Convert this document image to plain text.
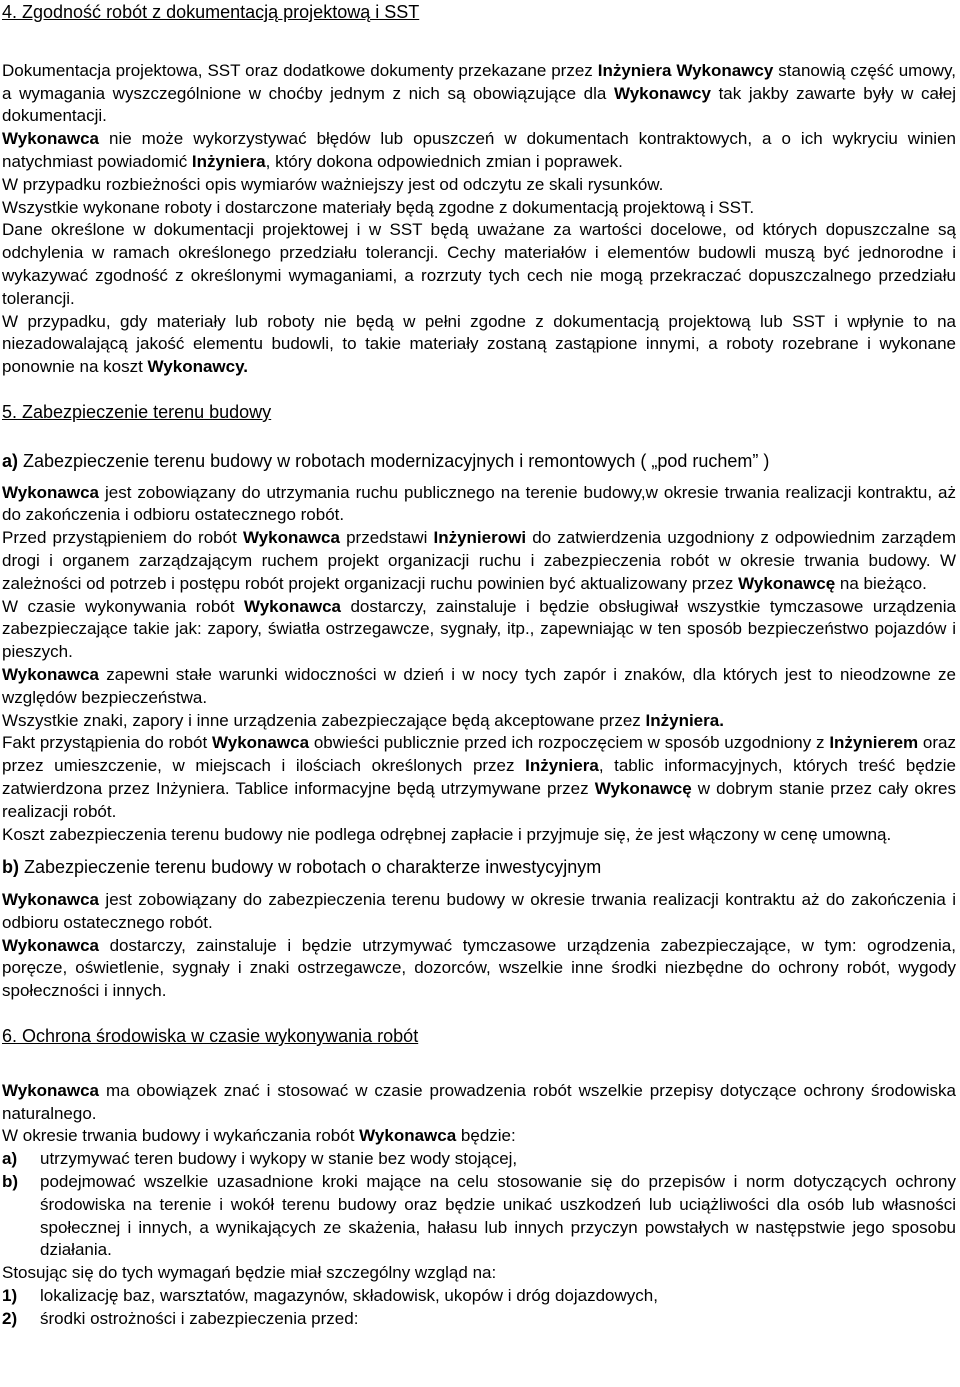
4. Zgodność robót z dokumentacją projektową i SST

Dokumentacja projektowa, SST oraz dodatkowe dokumenty przekazane przez Inżyniera Wykonawcy stanowią część umowy, a wymagania wyszczególnione w choćby jednym z nich są obowiązujące dla Wykonawcy tak jakby zawarte były w całej dokumentacji.

Wykonawca nie może wykorzystywać błędów lub opuszczeń w dokumentach kontraktowych, a o ich wykryciu winien natychmiast powiadomić Inżyniera, który dokona odpowiednich zmian i poprawek.

W przypadku rozbieżności opis wymiarów ważniejszy jest od odczytu ze skali rysunków.

Wszystkie wykonane roboty i dostarczone materiały będą zgodne z dokumentacją projektową i SST.

Dane określone w dokumentacji projektowej i w SST będą uważane za wartości docelowe, od których dopuszczalne są odchylenia w ramach określonego przedziału tolerancji. Cechy materiałów i elementów budowli muszą być jednorodne i wykazywać zgodność z określonymi wymaganiami, a rozrzuty tych cech nie mogą przekraczać dopuszczalnego przedziału tolerancji.

W przypadku, gdy materiały lub roboty nie będą w pełni zgodne z dokumentacją projektową lub SST i wpłynie to na niezadowalającą jakość elementu budowli, to takie materiały zostaną zastąpione innymi, a roboty rozebrane i wykonane ponownie na koszt Wykonawcy.

5. Zabezpieczenie terenu budowy
a) Zabezpieczenie terenu budowy w robotach modernizacyjnych i remontowych ( „pod ruchem” )

Wykonawca jest zobowiązany do utrzymania ruchu publicznego na terenie budowy,w okresie trwania realizacji kontraktu, aż do zakończenia i odbioru ostatecznego robót.

Przed przystąpieniem do robót Wykonawca przedstawi Inżynierowi do zatwierdzenia uzgodniony z odpowiednim zarządem drogi i organem zarządzającym ruchem projekt organizacji ruchu i zabezpieczenia robót w okresie trwania budowy. W zależności od potrzeb i postępu robót projekt organizacji ruchu powinien być aktualizowany przez Wykonawcę na bieżąco.

W czasie wykonywania robót Wykonawca dostarczy, zainstaluje i będzie obsługiwał wszystkie tymczasowe urządzenia zabezpieczające takie jak: zapory, światła ostrzegawcze, sygnały, itp., zapewniając w ten sposób bezpieczeństwo pojazdów i pieszych.

Wykonawca zapewni stałe warunki widoczności w dzień i w nocy tych zapór i znaków, dla których jest to nieodzowne ze względów bezpieczeństwa.

Wszystkie znaki, zapory i inne urządzenia zabezpieczające będą akceptowane przez Inżyniera.

Fakt przystąpienia do robót Wykonawca obwieści publicznie przed ich rozpoczęciem w sposób uzgodniony z Inżynierem oraz przez umieszczenie, w miejscach i ilościach określonych przez Inżyniera, tablic informacyjnych, których treść będzie zatwierdzona przez Inżyniera. Tablice informacyjne będą utrzymywane przez Wykonawcę w dobrym stanie przez cały okres realizacji robót.

Koszt zabezpieczenia terenu budowy nie podlega odrębnej zapłacie i przyjmuje się, że jest włączony w cenę umowną.

b) Zabezpieczenie terenu budowy w robotach o charakterze inwestycyjnym

Wykonawca jest zobowiązany do zabezpieczenia terenu budowy w okresie trwania realizacji kontraktu aż do zakończenia i odbioru ostatecznego robót.

Wykonawca dostarczy, zainstaluje i będzie utrzymywać tymczasowe urządzenia zabezpieczające, w tym: ogrodzenia, poręcze, oświetlenie, sygnały i znaki ostrzegawcze, dozorców, wszelkie inne środki niezbędne do ochrony robót, wygody społeczności i innych.

6. Ochrona środowiska w czasie wykonywania robót

Wykonawca ma obowiązek znać i stosować w czasie prowadzenia robót wszelkie przepisy dotyczące ochrony środowiska naturalnego.

W okresie trwania budowy i wykańczania robót Wykonawca będzie:

a)	utrzymywać teren budowy i wykopy w stanie bez wody stojącej,
b)	podejmować wszelkie uzasadnione kroki mające na celu stosowanie się do przepisów i norm dotyczących ochrony środowiska na terenie i wokół terenu budowy oraz będzie unikać uszkodzeń lub uciążliwości dla osób lub własności społecznej i innych, a wynikających ze skażenia, hałasu lub innych przyczyn powstałych w następstwie jego sposobu działania.

Stosując się do tych wymagań będzie miał szczególny wzgląd na:

1)	lokalizację baz, warsztatów, magazynów, składowisk, ukopów i dróg dojazdowych,
2)	środki ostrożności i zabezpieczenia przed:
